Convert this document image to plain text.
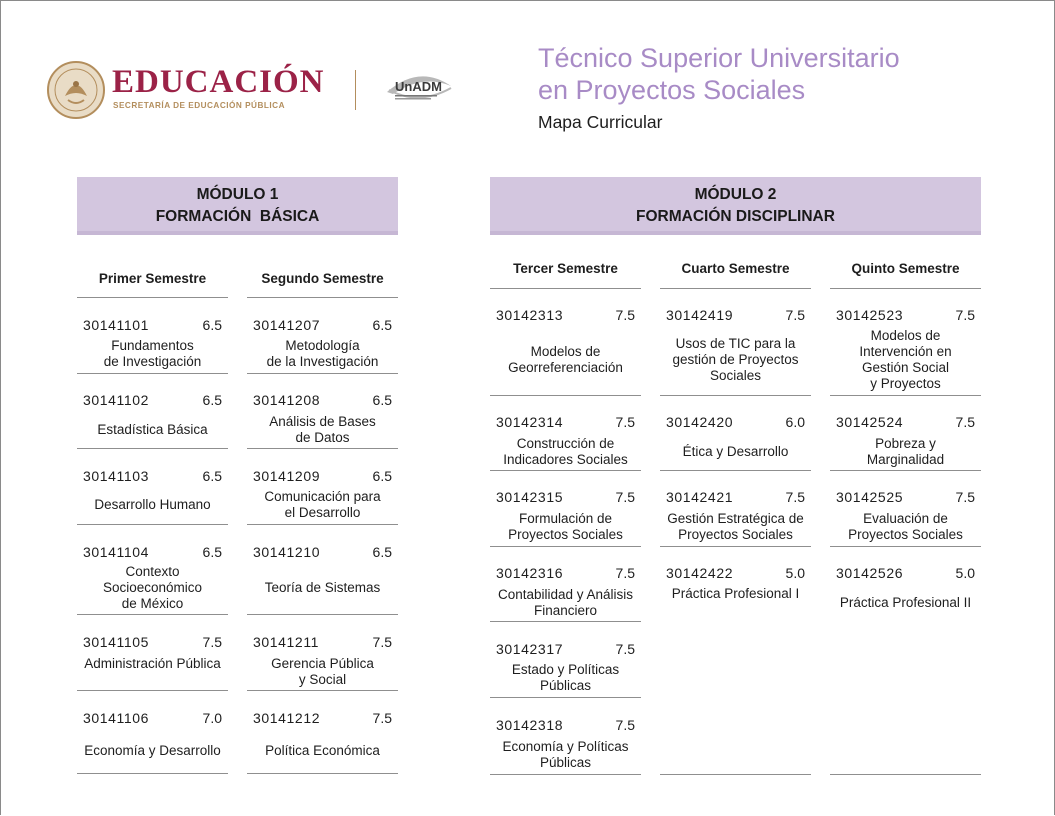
EDUCACIÓN
SECRETARÍA DE EDUCACIÓN PÚBLICA
UnADM
Técnico Superior Universitario
en Proyectos Sociales
Mapa Curricular
MÓDULO 1
FORMACIÓN  BÁSICA
MÓDULO 2
FORMACIÓN DISCIPLINAR
Primer Semestre
30141101	6.5
Fundamentos
de Investigación
30141102	6.5
Estadística Básica
30141103	6.5
Desarrollo Humano
30141104	6.5
Contexto
Socioeconómico
de México
30141105	7.5
Administración Pública
30141106	7.0
Economía y Desarrollo
Segundo Semestre
30141207	6.5
Metodología
de la Investigación
30141208	6.5
Análisis de Bases
de Datos
30141209	6.5
Comunicación para
el Desarrollo
30141210	6.5
Teoría de Sistemas
30141211	7.5
Gerencia Pública
y Social
30141212	7.5
Política Económica
Tercer Semestre
30142313	7.5
Modelos de
Georreferenciación
30142314	7.5
Construcción de
Indicadores Sociales
30142315	7.5
Formulación de
Proyectos Sociales
30142316	7.5
Contabilidad y Análisis
Financiero
30142317	7.5
Estado y Políticas
Públicas
30142318	7.5
Economía y Políticas
Públicas
Cuarto Semestre
30142419	7.5
Usos de TIC para la
gestión de Proyectos
Sociales
30142420	6.0
Ética y Desarrollo
30142421	7.5
Gestión Estratégica de
Proyectos Sociales
30142422	5.0
Práctica Profesional I
Quinto Semestre
30142523	7.5
Modelos de
Intervención en
Gestión Social
y Proyectos
30142524	7.5
Pobreza y
Marginalidad
30142525	7.5
Evaluación de
Proyectos Sociales
30142526	5.0
Práctica Profesional II
